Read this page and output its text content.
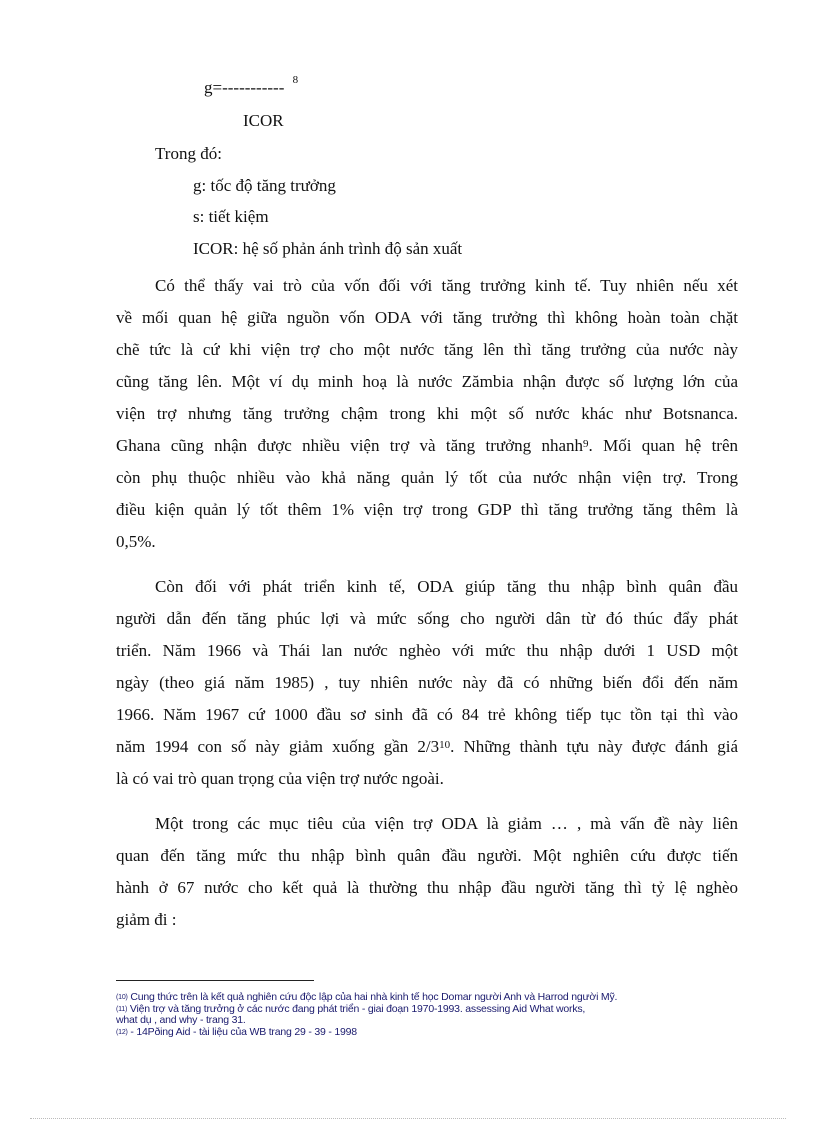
g=----------- $^8$
ICOR
Trong đó:
g: tốc độ tăng trưởng
s: tiết kiệm
ICOR: hệ số phản ánh trình độ sản xuất
Có thể thấy vai trò của vốn đối với tăng trưởng kinh tế. Tuy nhiên nếu xét
về mối quan hệ giữa nguồn vốn ODA với tăng trưởng thì không hoàn toàn chặt
chẽ tức là cứ khi viện trợ cho một nước tăng lên thì tăng trưởng của nước này
cũng tăng lên. Một ví dụ minh hoạ là nước Zămbia nhận được số lượng lớn của
viện trợ nhưng tăng trưởng chậm trong khi một số nước khác như Botsnanca.
Ghana cũng nhận được nhiều viện trợ và tăng trưởng nhanh$^9$. Mối quan hệ trên
còn phụ thuộc nhiều vào khả năng quản lý tốt của nước nhận viện trợ. Trong
điều kiện quản lý tốt thêm 1% viện trợ trong GDP thì tăng trưởng tăng thêm là
0,5%.
Còn đối với phát triển kinh tế, ODA giúp tăng thu nhập bình quân đầu
người dẫn đến tăng phúc lợi và mức sống cho người dân từ đó thúc đẩy phát
triển. Năm 1966 và Thái lan nước nghèo với mức thu nhập dưới 1 USD một
ngày (theo giá năm 1985) , tuy nhiên nước này đã có những biến đổi đến năm
1966. Năm 1967 cứ 1000 đầu sơ sinh đã có 84 trẻ không tiếp tục tồn tại thì vào
năm 1994 con số này giảm xuống gần 2/3$^{10}$. Những thành tựu này được đánh giá
là có vai trò quan trọng của viện trợ nước ngoài.
Một trong các mục tiêu của viện trợ ODA là giảm … , mà vấn đề này liên
quan đến tăng mức thu nhập bình quân đầu người. Một nghiên cứu được tiến
hành ở 67 nước cho kết quả là thường thu nhập đầu người tăng thì tỷ lệ nghèo
giảm đi :
$^{(10)}$ Cung thức trên là kết quả nghiên cứu độc lập của hai nhà kinh tế học Domar người Anh và Harrod người Mỹ.
$^{(11)}$ Viện trợ và tăng trưởng ở các nước đang phát triển - giai đoạn 1970-1993. assessing Aid What works,
what dụ , and why - trang 31.
$^{(12)}$ - 14Pðing Aid - tài liệu của WB trang 29 - 39 - 1998
